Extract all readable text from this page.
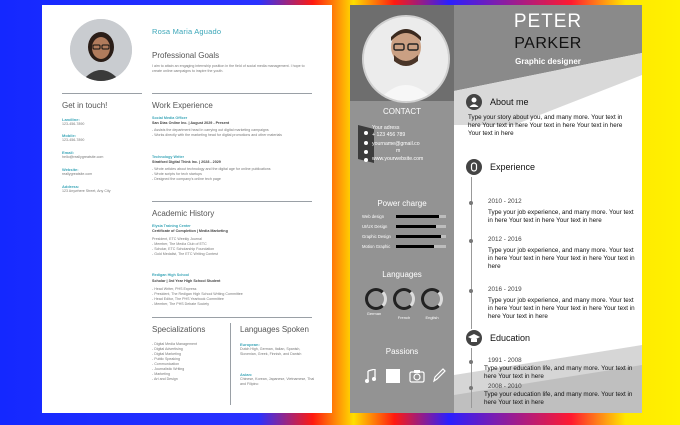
Rosa Maria Aguado
Professional Goals
I aim to attain an engaging internship position in the field of social media management. I hope to create online campaigns to inspire the youth.
Get in touch!
Landline:
123-456-7890
Mobile:
123-456-7890
Email:
hello@reallygreatsite.com
Website:
reallygreatsite.com
Address:
123 Anywhere Street, Any City
Work Experience
Social Media Officer
San Dias Online Inc. | August 2029 - Present
- Assists the department head in carrying out digital marketing campaigns
- Works directly with the marketing head for digital promotions and other materials
Technology Writer
Stratford Digital Think Inc. | 2028 - 2029
- Wrote articles about technology and the digital age for online publications
- Wrote scripts for tech startups
- Designed the company's online tech page
Academic History
Elysia Training Center
Certificate of Completion | Media Marketing
President, ETC Weekly Journal
- Member, The Media Club of ETC
- Scholar, ETC Scholarship Foundation
- Gold Medalist, The ETC Writing Contest
Redigan High School
Scholar | 3rd Year High School Student
- Head Writer, PHS Express
- President, The Redigan High School Writing Committee
- Head Editor, The PHS Yearbook Committee
- Member, The PHS Debate Society
Specializations
- Digital Media Management
- Digital Advertising
- Digital Marketing
- Public Speaking
- Communication
- Journalistic Writing
- Marketing
- Art and Design
Languages Spoken
European:
Dutch High, German, Italian, Spanish, Slovenian, Greek, Finnish, and Danish
Asian:
Chinese, Korean, Japanese, Vietnamese, Thai and Filipino
PETER
PARKER
Graphic designer
CONTACT
Your adress
+ 123 456 789
yourname@gmail.co
m
www.yourwebsite.com
Power charge
Web design
UI/UX Design
Graphic Design
Motion Graphic
Languages
German
French	English
Passions
About me
Type your story about you, and many more. Your text in here Your text in here Your text in here Your text in here Your text in here
Experience
2010 - 2012
Type your job experience, and many more. Your text in here Your text in here Your text in here
2012 - 2016
Type your job experience, and many more. Your text in here Your text in here Your text in here Your text in here
2016 - 2019
Type your job experience, and many more. Your text in here Your text in here Your text in here Your text in here Your text in here
Education
1991 - 2008
Type your education life, and many more. Your text in here Your text in here
2008 - 2010
Type your education life, and many more. Your text in here Your text in here
